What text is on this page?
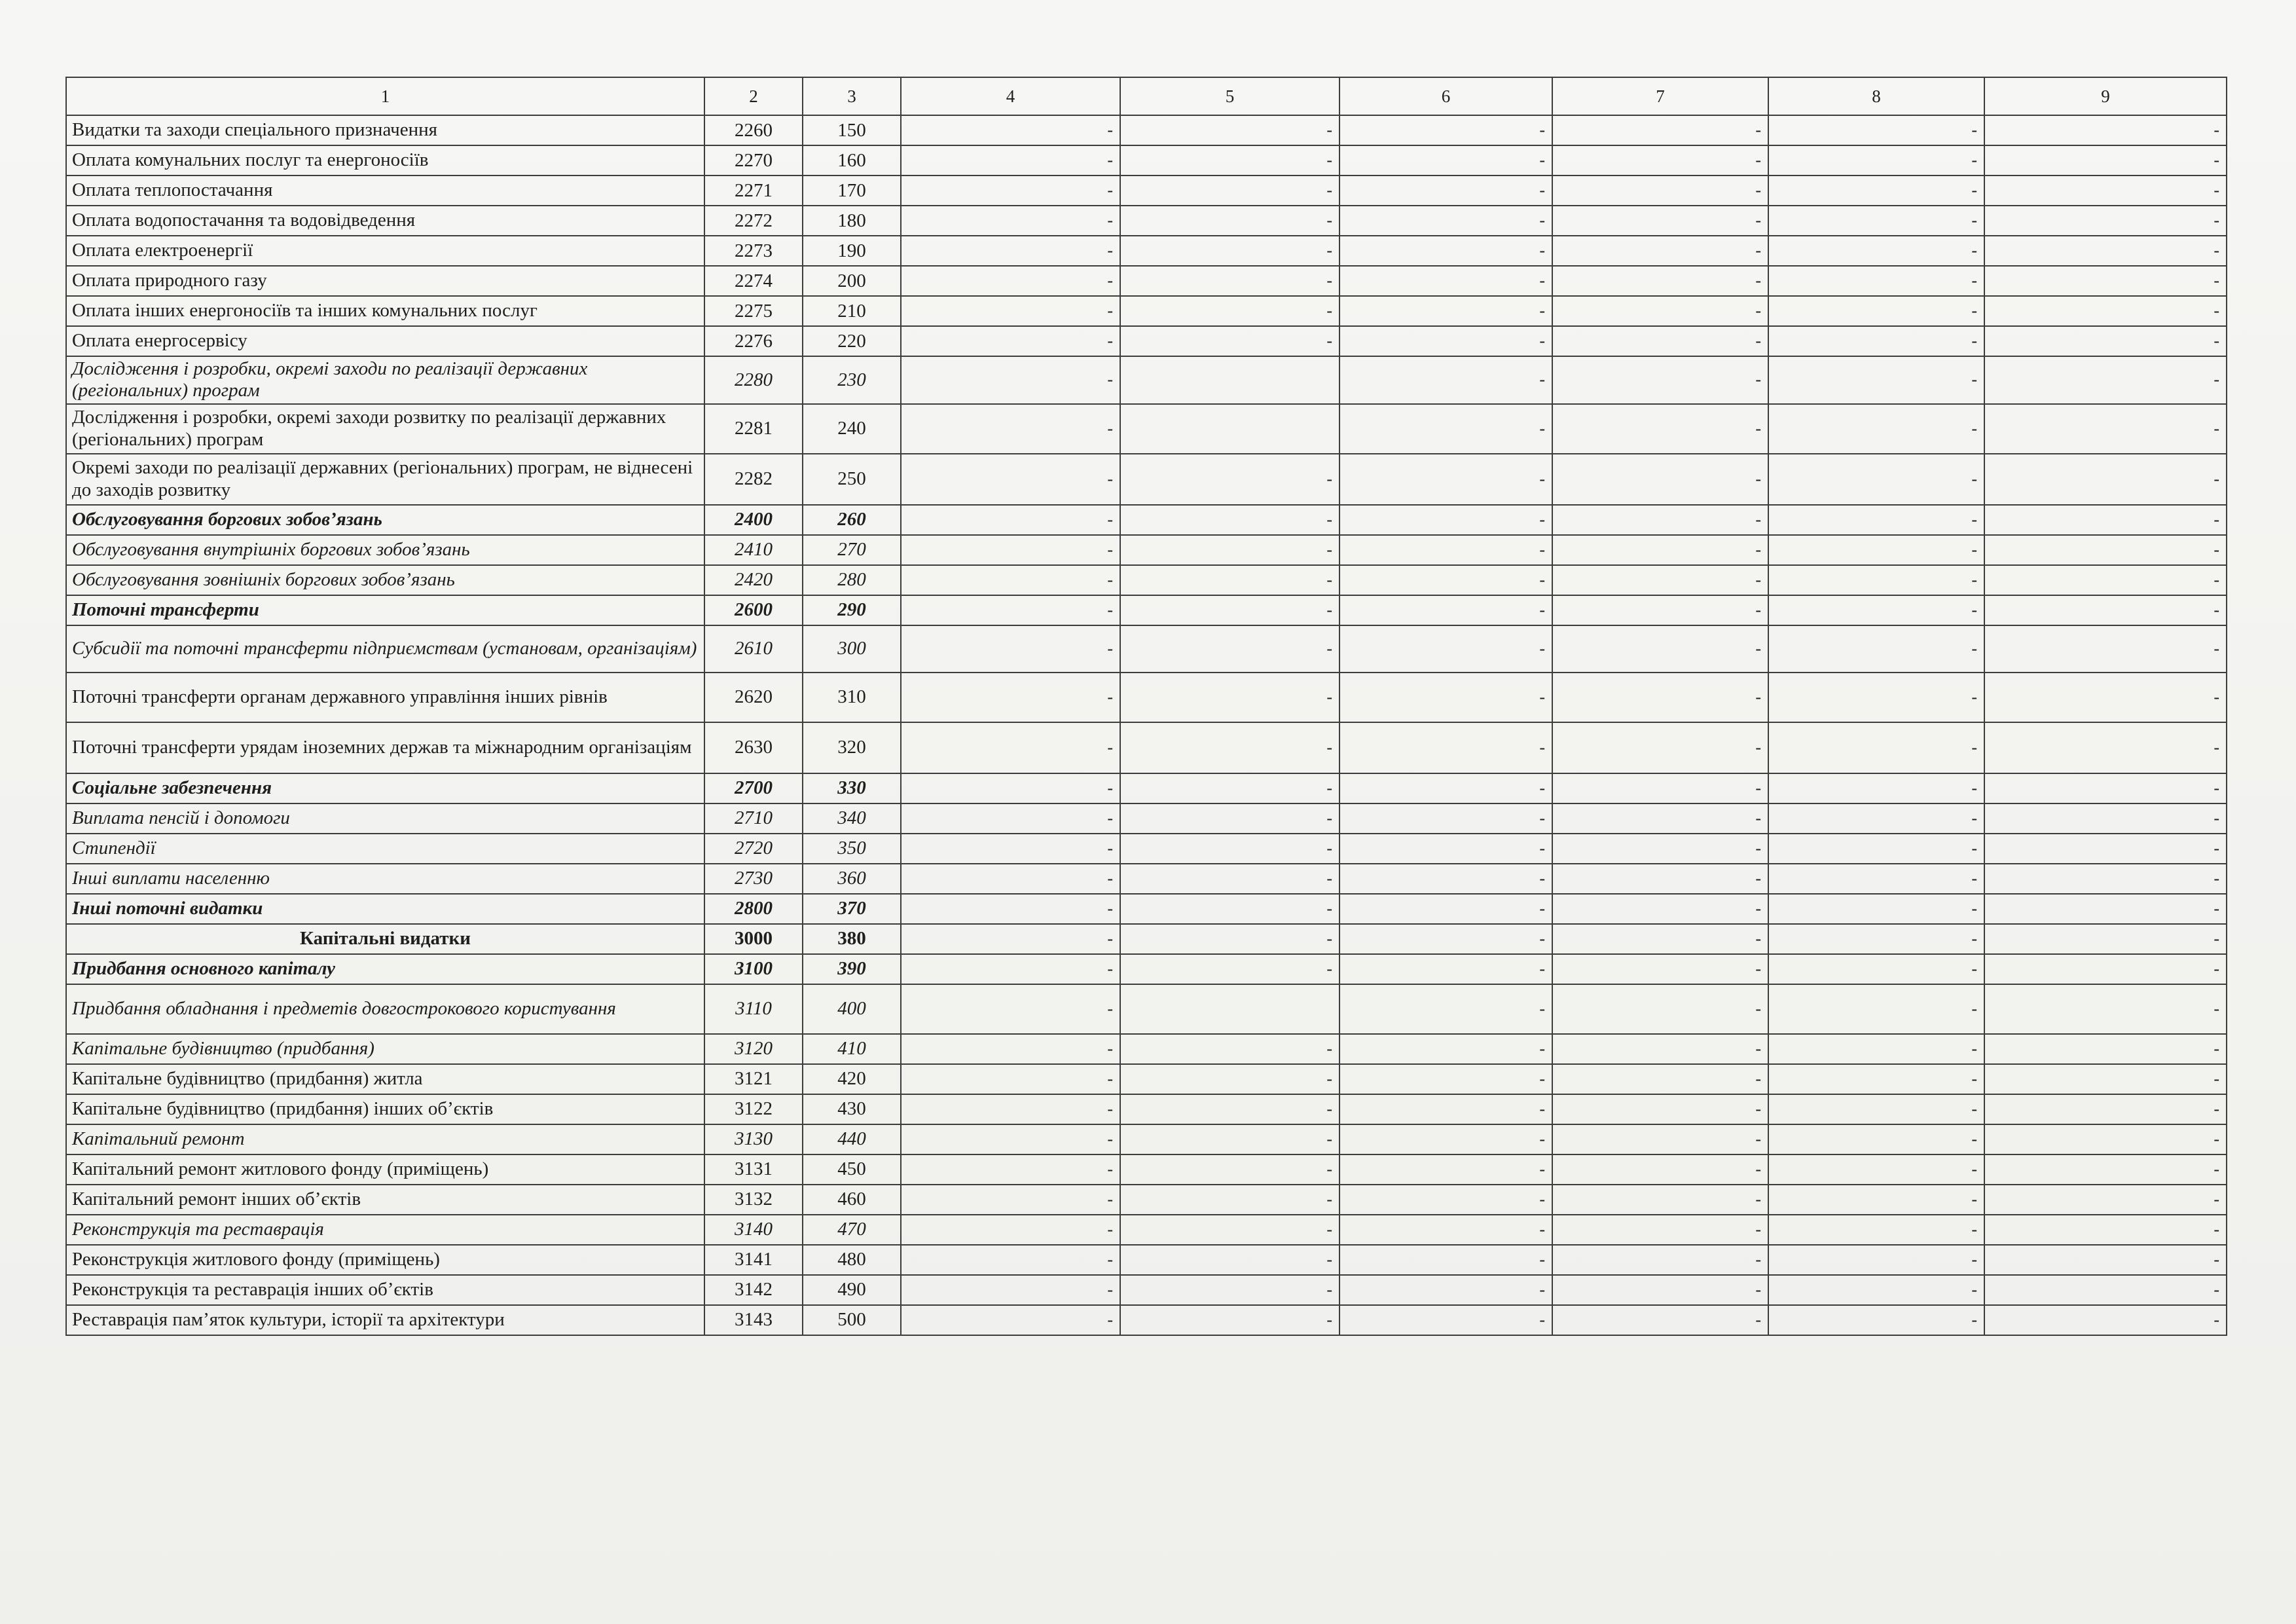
1	2	3	4	5	6	7	8	9
Видатки та заходи спеціального призначення	2260	150	-	-	-	-	-	-
Оплата комунальних послуг та енергоносіїв	2270	160	-	-	-	-	-	-
Оплата теплопостачання	2271	170	-	-	-	-	-	-
Оплата водопостачання та водовідведення	2272	180	-	-	-	-	-	-
Оплата електроенергії	2273	190	-	-	-	-	-	-
Оплата природного газу	2274	200	-	-	-	-	-	-
Оплата інших енергоносіїв та інших комунальних послуг	2275	210	-	-	-	-	-	-
Оплата енергосервісу	2276	220	-	-	-	-	-	-
Дослідження і розробки, окремі заходи по реалізації державних (регіональних) програм	2280	230	-		-	-	-	-
Дослідження і розробки, окремі заходи розвитку по реалізації державних (регіональних) програм	2281	240	-		-	-	-	-
Окремі заходи по реалізації державних (регіональних) програм, не віднесені до заходів розвитку	2282	250	-	-	-	-	-	-
Обслуговування боргових зобов’язань	2400	260	-	-	-	-	-	-
Обслуговування внутрішніх боргових зобов’язань	2410	270	-	-	-	-	-	-
Обслуговування зовнішніх боргових зобов’язань	2420	280	-	-	-	-	-	-
Поточні трансферти	2600	290	-	-	-	-	-	-
Субсидії та поточні трансферти підприємствам (установам, організаціям)	2610	300	-	-	-	-	-	-
Поточні трансферти органам державного управління інших рівнів	2620	310	-	-	-	-	-	-
Поточні трансферти урядам іноземних держав та міжнародним організаціям	2630	320	-	-	-	-	-	-
Соціальне забезпечення	2700	330	-	-	-	-	-	-
Виплата пенсій і допомоги	2710	340	-	-	-	-	-	-
Стипендії	2720	350	-	-	-	-	-	-
Інші виплати населенню	2730	360	-	-	-	-	-	-
Інші поточні видатки	2800	370	-	-	-	-	-	-
Капітальні видатки	3000	380	-	-	-	-	-	-
Придбання основного капіталу	3100	390	-	-	-	-	-	-
Придбання обладнання і предметів довгострокового користування	3110	400	-		-	-	-	-
Капітальне будівництво (придбання)	3120	410	-	-	-	-	-	-
Капітальне будівництво (придбання) житла	3121	420	-	-	-	-	-	-
Капітальне будівництво (придбання) інших об’єктів	3122	430	-	-	-	-	-	-
Капітальний ремонт	3130	440	-	-	-	-	-	-
Капітальний ремонт житлового фонду (приміщень)	3131	450	-	-	-	-	-	-
Капітальний ремонт інших об’єктів	3132	460	-	-	-	-	-	-
Реконструкція та реставрація	3140	470	-	-	-	-	-	-
Реконструкція житлового фонду (приміщень)	3141	480	-	-	-	-	-	-
Реконструкція та реставрація інших об’єктів	3142	490	-	-	-	-	-	-
Реставрація пам’яток культури, історії та архітектури	3143	500	-	-	-	-	-	-
